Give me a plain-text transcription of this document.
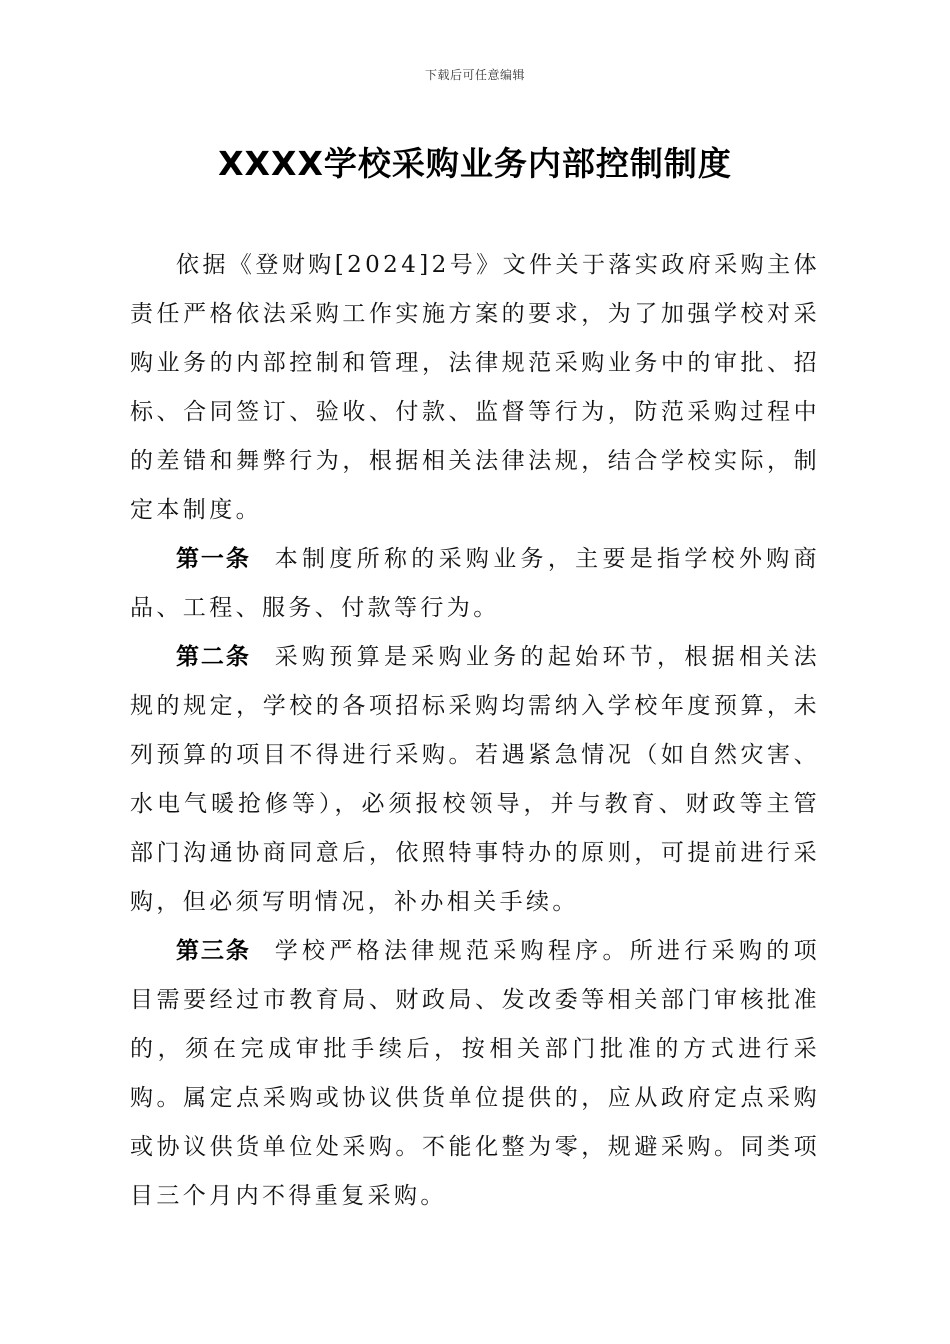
下载后可任意编辑
XXXX学校采购业务内部控制制度

依据《登财购[2024]2号》文件关于落实政府采购主体责任严格依法采购工作实施方案的要求，为了加强学校对采购业务的内部控制和管理，法律规范采购业务中的审批、招标、合同签订、验收、付款、监督等行为，防范采购过程中的差错和舞弊行为，根据相关法律法规，结合学校实际，制定本制度。

第一条 本制度所称的采购业务，主要是指学校外购商品、工程、服务、付款等行为。

第二条 采购预算是采购业务的起始环节，根据相关法规的规定，学校的各项招标采购均需纳入学校年度预算，未列预算的项目不得进行采购。若遇紧急情况（如自然灾害、水电气暖抢修等），必须报校领导，并与教育、财政等主管部门沟通协商同意后，依照特事特办的原则，可提前进行采购，但必须写明情况，补办相关手续。

第三条 学校严格法律规范采购程序。所进行采购的项目需要经过市教育局、财政局、发改委等相关部门审核批准的，须在完成审批手续后，按相关部门批准的方式进行采购。属定点采购或协议供货单位提供的，应从政府定点采购或协议供货单位处采购。不能化整为零，规避采购。同类项目三个月内不得重复采购。
